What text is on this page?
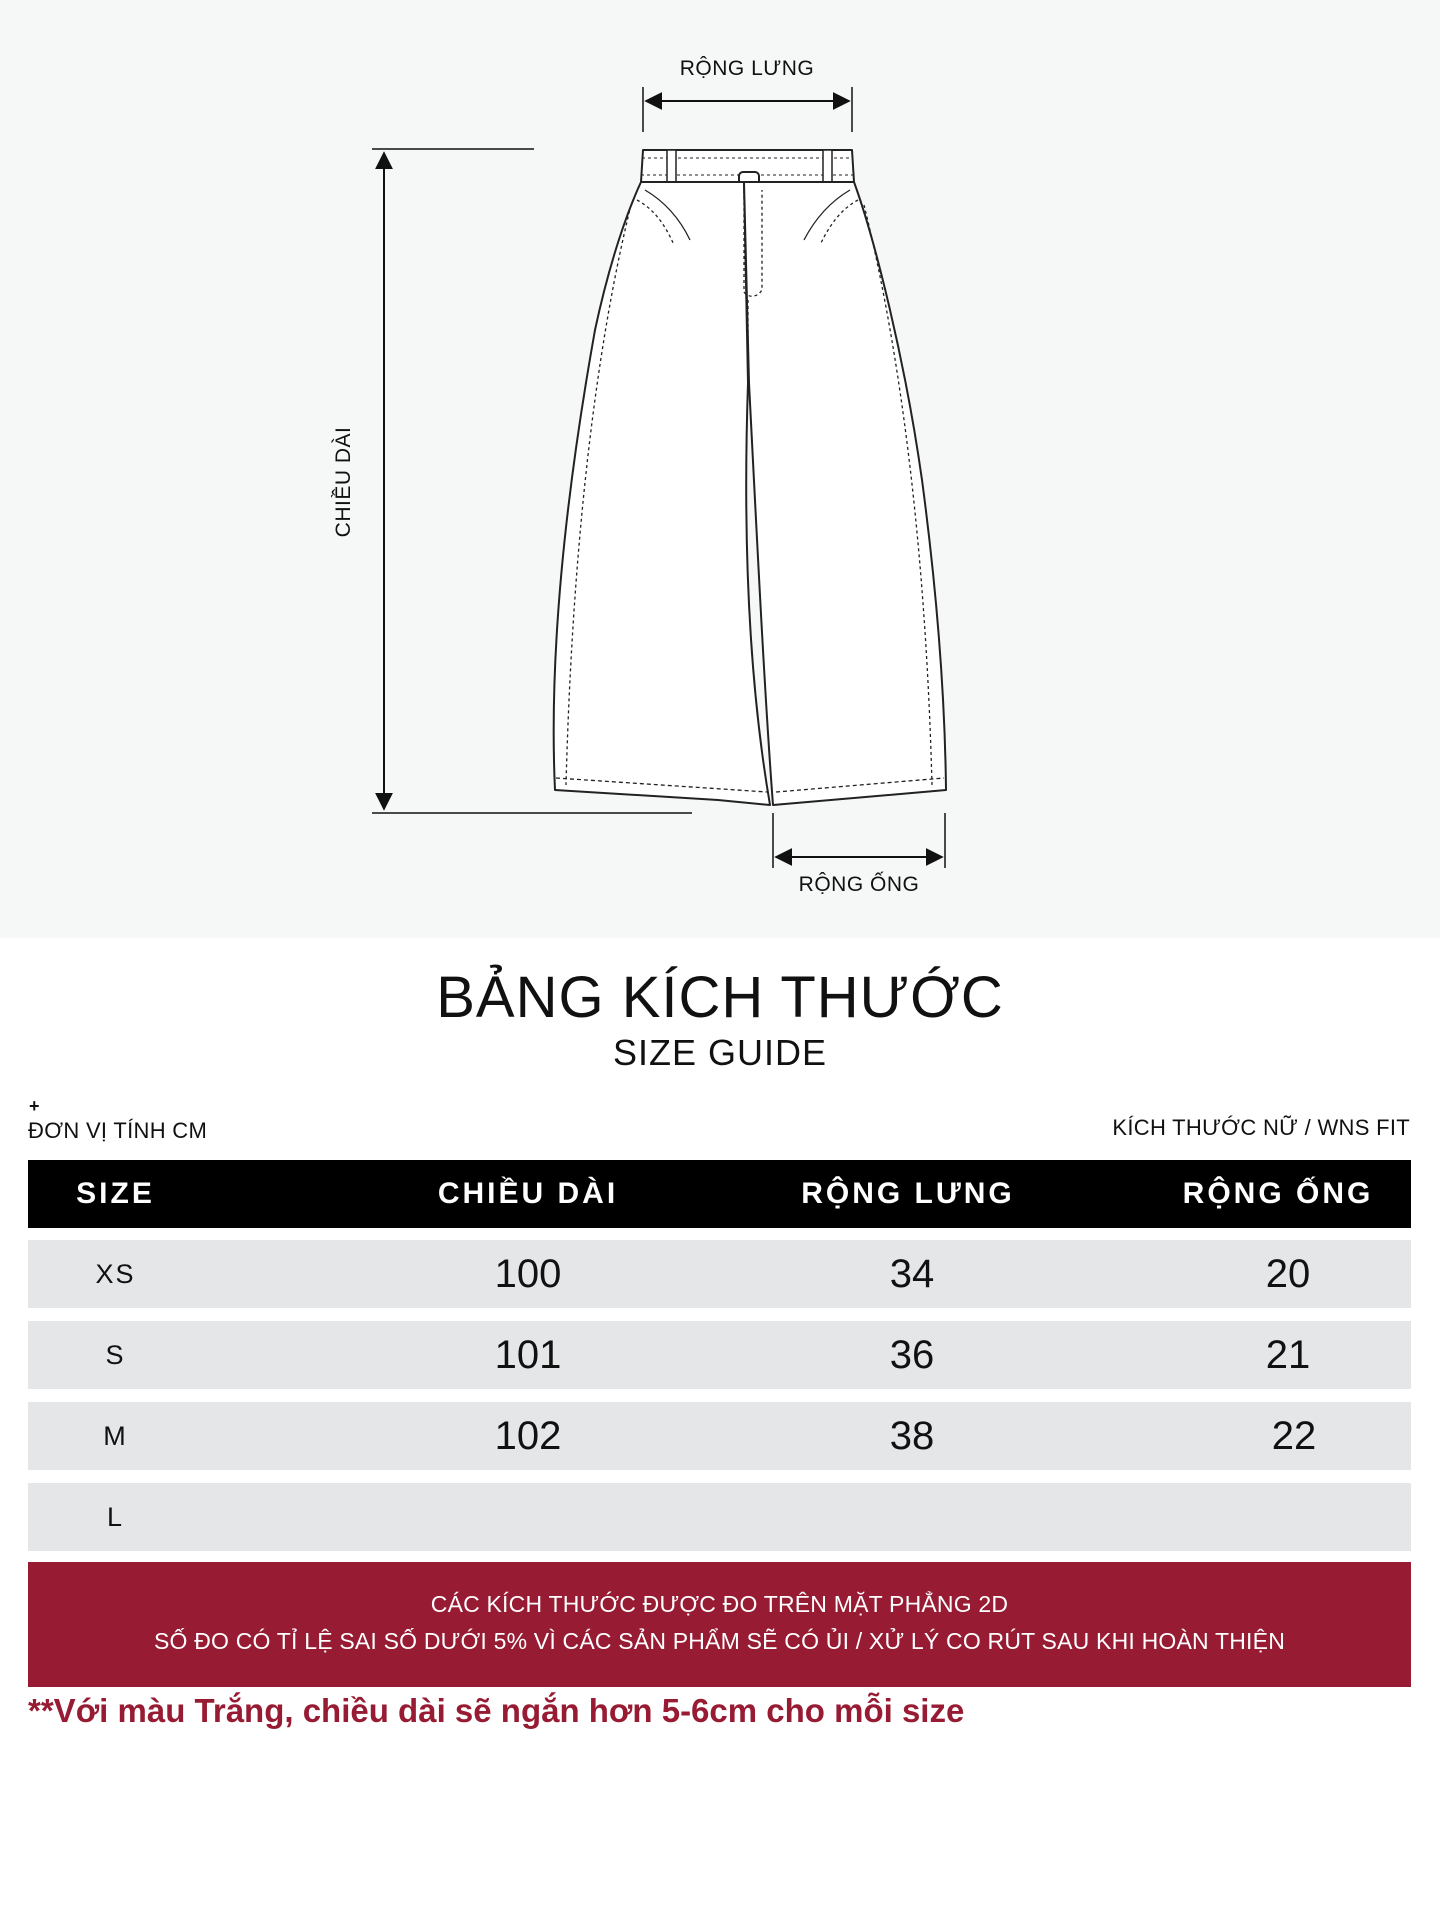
RỘNG LƯNG
CHIỀU DÀI
RỘNG ỐNG
BẢNG KÍCH THƯỚC
SIZE GUIDE
+
ĐƠN VỊ TÍNH CM	KÍCH THƯỚC NỮ / WNS FIT
SIZE	CHIỀU DÀI	RỘNG LƯNG	RỘNG ỐNG
XS	100	34	20
S	101	36	21
M	102	38	22
L
CÁC KÍCH THƯỚC ĐƯỢC ĐO TRÊN MẶT PHẲNG 2D
SỐ ĐO CÓ TỈ LỆ SAI SỐ DƯỚI 5% VÌ CÁC SẢN PHẨM SẼ CÓ ỦI / XỬ LÝ CO RÚT SAU KHI HOÀN THIỆN
**Với màu Trắng, chiều dài sẽ ngắn hơn 5-6cm cho mỗi size
